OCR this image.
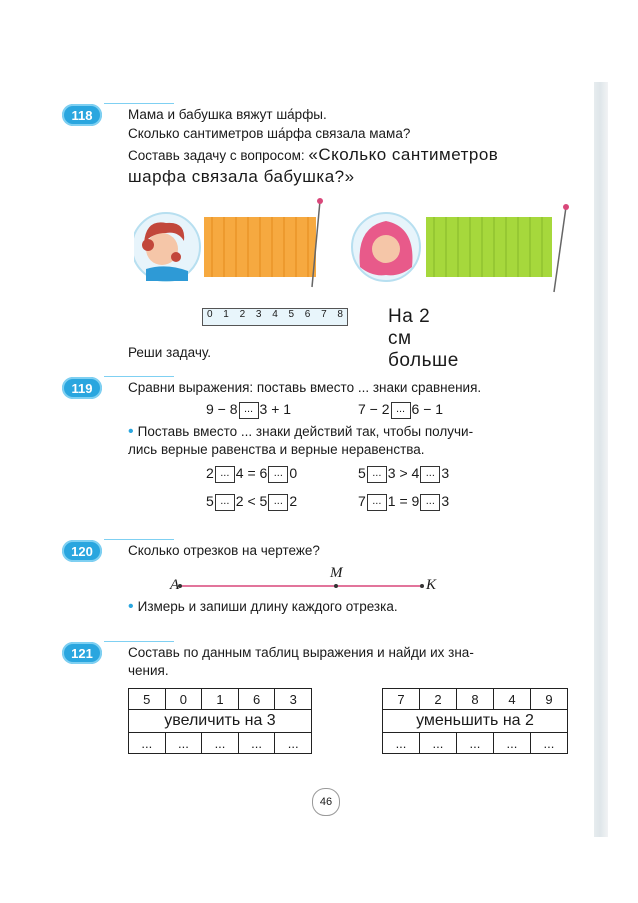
118	Мама и бабушка вяжут ша́рфы.
Сколько сантиметров ша́рфа связала мама?
Составь задачу с вопросом: «Сколько сантиметров
шарфа связала бабушка?»
0 1 2 3 4 5 6 7 8 На 2 см больше
Реши задачу.
119	Сравни выражения: поставь вместо ... знаки сравнения.
9 − 8 ... 3 + 1	7 − 2 ... 6 − 1
• Поставь вместо ... знаки действий так, чтобы получи-
лись верные равенства и верные неравенства.
2 ... 4 = 6 ... 0	5 ... 3 > 4 ... 3
5 ... 2 < 5 ... 2	7 ... 1 = 9 ... 3
120	Сколько отрезков на чертеже?
A
M
K
• Измерь и запиши длину каждого отрезка.
121	Составь по данным таблиц выражения и найди их зна-
чения.
5	0	1	6	3
увеличить на 3				
...	...	...	...	...
7	2	8	4	9
уменьшить на 2				
...	...	...	...	...
46
